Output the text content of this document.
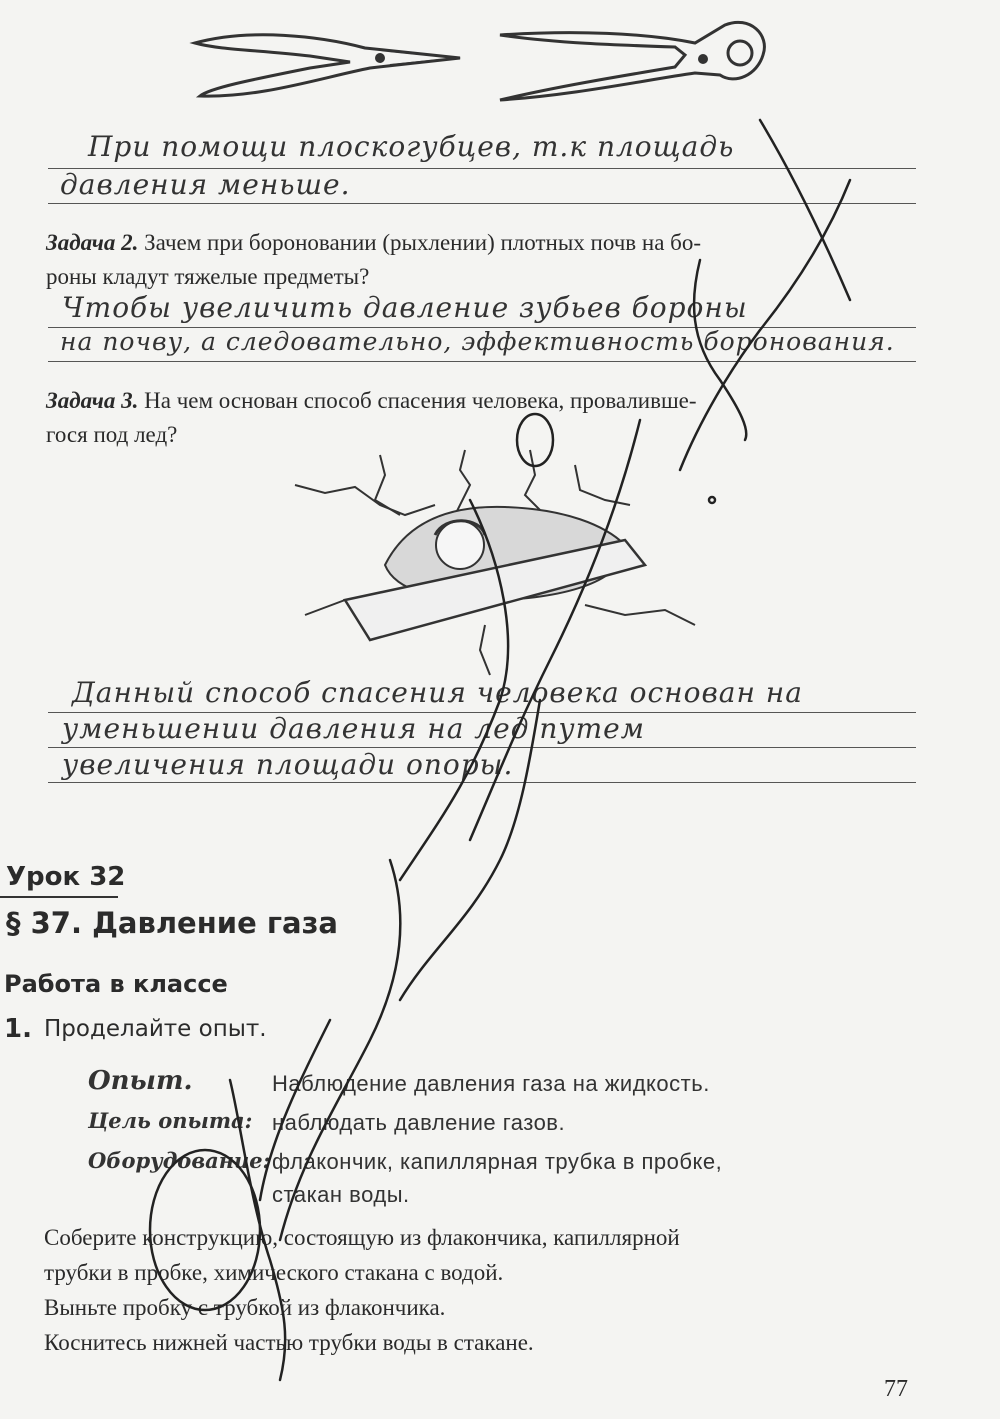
При помощи плоскогубцев, т.к площадь
давления меньше.
Задача 2. Зачем при бороновании (рыхлении) плотных почв на бо-
роны кладут тяжелые предметы?
Чтобы увеличить давление зубьев бороны
на почву, а следовательно, эффективность боронования.
Задача 3. На чем основан способ спасения человека, провалившe-
гося под лед?
Данный способ спасения человека основан на
уменьшении давления на лед путем
увеличения площади опоры.
Урок 32
§ 37. Давление газа
Работа в классе
1. Проделайте опыт.
Опыт.	Наблюдение давления газа на жидкость.
Цель опыта: наблюдать давление газов.
Оборудование: флакончик, капиллярная трубка в пробке,
стакан воды.
Соберите конструкцию, состоящую из флакончика, капиллярной
трубки в пробке, химического стакана с водой.
Выньте пробку с трубкой из флакончика.
Коснитесь нижней частью трубки воды в стакане.
77
